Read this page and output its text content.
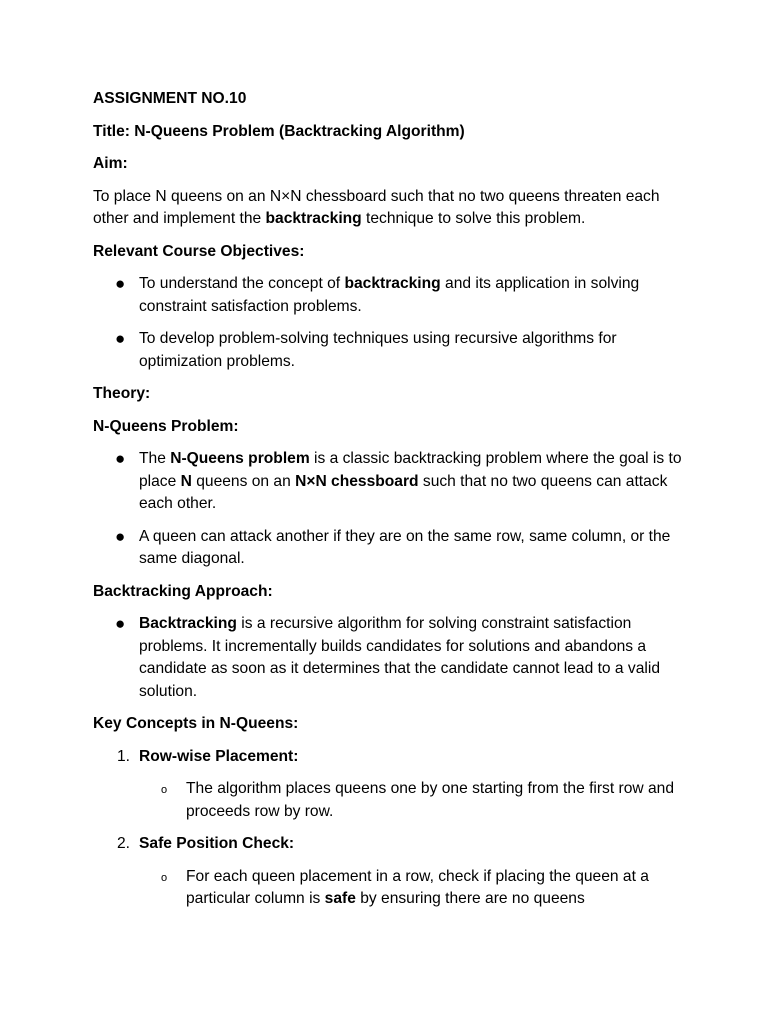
ASSIGNMENT NO.10

Title: N-Queens Problem (Backtracking Algorithm)

Aim:

To place N queens on an N×N chessboard such that no two queens threaten each other and implement the backtracking technique to solve this problem.

Relevant Course Objectives:

● To understand the concept of backtracking and its application in solving constraint satisfaction problems.
● To develop problem-solving techniques using recursive algorithms for optimization problems.

Theory:

N-Queens Problem:

● The N-Queens problem is a classic backtracking problem where the goal is to place N queens on an N×N chessboard such that no two queens can attack each other.
● A queen can attack another if they are on the same row, same column, or the same diagonal.

Backtracking Approach:

● Backtracking is a recursive algorithm for solving constraint satisfaction problems. It incrementally builds candidates for solutions and abandons a candidate as soon as it determines that the candidate cannot lead to a valid solution.

Key Concepts in N-Queens:

1. Row-wise Placement:
o The algorithm places queens one by one starting from the first row and proceeds row by row.
2. Safe Position Check:
o For each queen placement in a row, check if placing the queen at a particular column is safe by ensuring there are no queens
